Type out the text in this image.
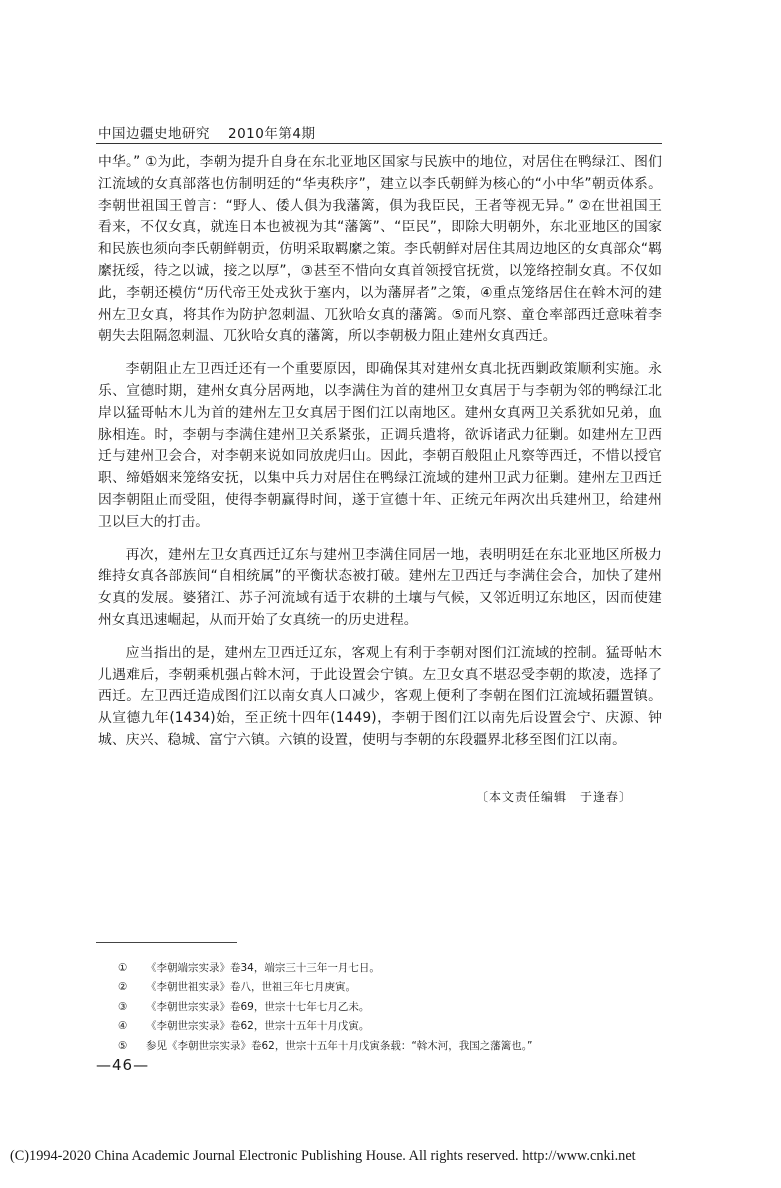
中国边疆史地研究 2010年第4期

中华。” ①为此，李朝为提升自身在东北亚地区国家与民族中的地位，对居住在鸭绿江、图们江流域的女真部落也仿制明廷的“华夷秩序”，建立以李氏朝鲜为核心的“小中华”朝贡体系。李朝世祖国王曾言：“野人、倭人俱为我藩篱，俱为我臣民，王者等视无异。” ②在世祖国王看来，不仅女真，就连日本也被视为其“藩篱”、“臣民”，即除大明朝外，东北亚地区的国家和民族也须向李氏朝鲜朝贡，仿明采取羁縻之策。李氏朝鲜对居住其周边地区的女真部众“羁縻抚绥，待之以诚，接之以厚”，③甚至不惜向女真首领授官抚赏，以笼络控制女真。不仅如此，李朝还模仿“历代帝王处戎狄于塞内，以为藩屏者”之策，④重点笼络居住在斡木河的建州左卫女真，将其作为防护忽刺温、兀狄哈女真的藩篱。⑤而凡察、童仓率部西迁意味着李朝失去阻隔忽刺温、兀狄哈女真的藩篱，所以李朝极力阻止建州女真西迁。

李朝阻止左卫西迁还有一个重要原因，即确保其对建州女真北抚西剿政策顺利实施。永乐、宣德时期，建州女真分居两地，以李满住为首的建州卫女真居于与李朝为邻的鸭绿江北岸以猛哥帖木儿为首的建州左卫女真居于图们江以南地区。建州女真两卫关系犹如兄弟，血脉相连。时，李朝与李满住建州卫关系紧张，正调兵遣将，欲诉诸武力征剿。如建州左卫西迁与建州卫会合，对李朝来说如同放虎归山。因此，李朝百般阻止凡察等西迁，不惜以授官职、缔婚姻来笼络安抚，以集中兵力对居住在鸭绿江流域的建州卫武力征剿。建州左卫西迁因李朝阻止而受阻，使得李朝赢得时间，遂于宣德十年、正统元年两次出兵建州卫，给建州卫以巨大的打击。

再次，建州左卫女真西迁辽东与建州卫李满住同居一地，表明明廷在东北亚地区所极力维持女真各部族间“自相统属”的平衡状态被打破。建州左卫西迁与李满住会合，加快了建州女真的发展。婆猪江、苏子河流域有适于农耕的土壤与气候，又邻近明辽东地区，因而使建州女真迅速崛起，从而开始了女真统一的历史进程。

应当指出的是，建州左卫西迁辽东，客观上有利于李朝对图们江流域的控制。猛哥帖木儿遇难后，李朝乘机强占斡木河，于此设置会宁镇。左卫女真不堪忍受李朝的欺凌，选择了西迁。左卫西迁造成图们江以南女真人口减少，客观上便利了李朝在图们江流域拓疆置镇。从宣德九年(1434)始，至正统十四年(1449)，李朝于图们江以南先后设置会宁、庆源、钟城、庆兴、稳城、富宁六镇。六镇的设置，使明与李朝的东段疆界北移至图们江以南。

〔本文责任编辑　于逢春〕
①	《李朝端宗实录》卷34，端宗三十三年一月七日。
②	《李朝世祖实录》卷八，世祖三年七月庚寅。
③	《李朝世宗实录》卷69，世宗十七年七月乙未。
④	《李朝世宗实录》卷62，世宗十五年十月戊寅。
⑤	参见《李朝世宗实录》卷62，世宗十五年十月戊寅条载：“斡木河，我国之藩篱也。”
—46—
(C)1994-2020 China Academic Journal Electronic Publishing House. All rights reserved. http://www.cnki.net
